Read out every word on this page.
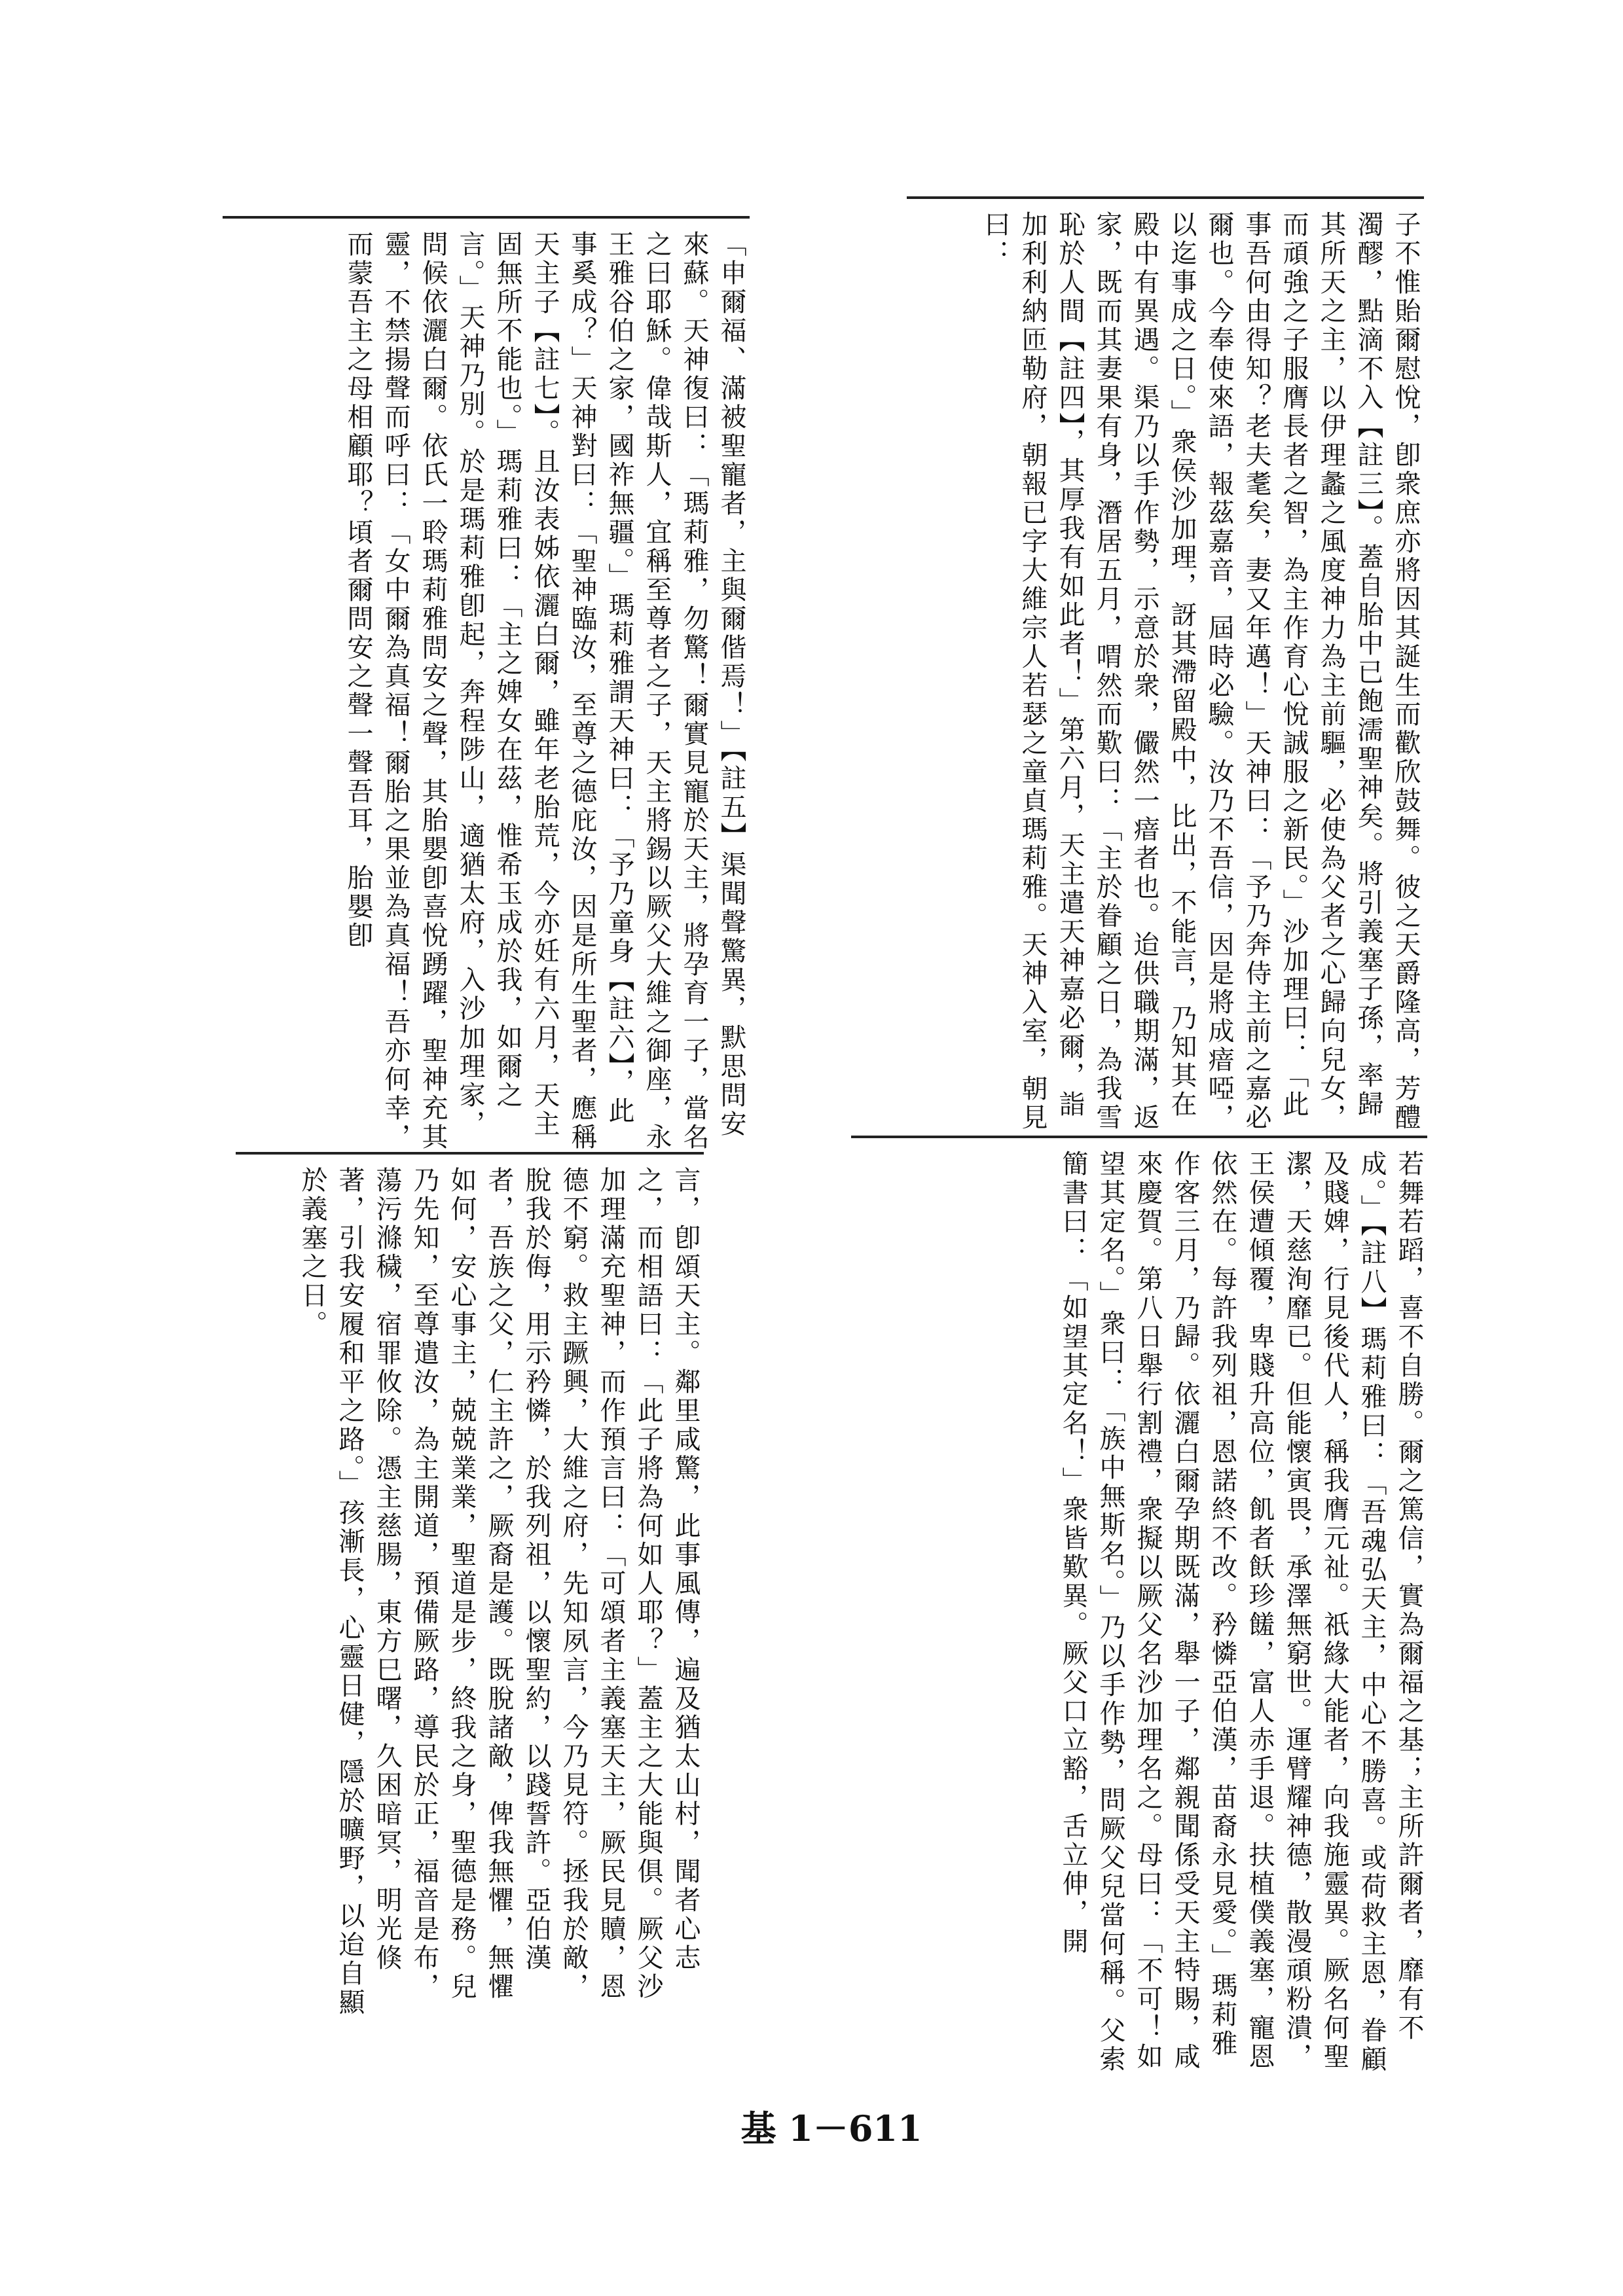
子不惟貽爾慰悅，卽衆庶亦將因其誕生而歡欣鼓舞。彼之天爵隆高，芳醴濁醪，點滴不入【註三】。蓋自胎中已飽濡聖神矣。將引義塞子孫，率歸其所天之主，以伊理蠡之風度神力為主前驅，必使為父者之心歸向兒女，而頑強之子服膺長者之智，為主作育心悅誠服之新民。」沙加理曰：「此事吾何由得知？老夫耄矣，妻又年邁！」天神曰：「予乃奔侍主前之嘉必爾也。今奉使來語，報茲嘉音，屆時必驗。汝乃不吾信，因是將成瘖啞，以迄事成之日。」衆侯沙加理，訝其滯留殿中，比出，不能言，乃知其在殿中有異遇。渠乃以手作勢，示意於衆，儼然一瘖者也。迨供職期滿，返家，既而其妻果有身，潛居五月，喟然而歎曰：「主於眷顧之日，為我雪恥於人間【註四】，其厚我有如此者！」第六月，天主遣天神嘉必爾，詣加利利納匝勒府，朝報已字大維宗人若瑟之童貞瑪莉雅。天神入室，朝見曰：

「申爾福、滿被聖寵者，主與爾偕焉！」【註五】渠聞聲驚異，默思問安來蘇。天神復曰：「瑪莉雅，勿驚！爾實見寵於天主，將孕育一子，當名之曰耶穌。偉哉斯人，宜稱至尊者之子，天主將錫以厥父大維之御座，永王雅谷伯之家，國祚無疆。」瑪莉雅謂天神曰：「予乃童身【註六】，此事奚成？」天神對曰：「聖神臨汝，至尊之德庇汝，因是所生聖者，應稱天主子【註七】。且汝表姊依灑白爾，雖年老胎荒，今亦妊有六月，天主固無所不能也。」瑪莉雅曰：「主之婢女在茲，惟希玉成於我，如爾之言。」天神乃別。於是瑪莉雅卽起，奔程陟山，適猶太府，入沙加理家，問候依灑白爾。依氏一聆瑪莉雅問安之聲，其胎嬰卽喜悅踴躍，聖神充其靈，不禁揚聲而呼曰：「女中爾為真福！爾胎之果並為真福！吾亦何幸，而蒙吾主之母相顧耶？頃者爾問安之聲一聲吾耳，胎嬰卽

若舞若蹈，喜不自勝。爾之篤信，實為爾福之基；主所許爾者，靡有不成。」【註八】瑪莉雅曰：「吾魂弘天主，中心不勝喜。或荷救主恩，眷顧及賤婢，行見後代人，稱我膺元祉。祇緣大能者，向我施靈異。厥名何聖潔，天慈洵靡已。但能懷寅畏，承澤無窮世。運臂耀神德，散漫頑粉潰，王侯遭傾覆，卑賤升高位，飢者飫珍饈，富人赤手退。扶植僕義塞，寵恩依然在。每許我列祖，恩諾終不改。矜憐亞伯漢，苗裔永見愛。」瑪莉雅作客三月，乃歸。依灑白爾孕期既滿，舉一子，鄰親聞係受天主特賜，咸來慶賀。第八日舉行割禮，衆擬以厥父名沙加理名之。母曰：「不可！如望其定名。」衆曰：「族中無斯名。」乃以手作勢，問厥父兒當何稱。父索簡書曰：「如望其定名！」衆皆歎異。厥父口立豁，舌立伸，開

言，卽頌天主。鄰里咸驚，此事風傳，遍及猶太山村，聞者心志之，而相語曰：「此子將為何如人耶？」蓋主之大能與俱。厥父沙加理滿充聖神，而作預言曰：「可頌者主義塞天主，厥民見贖，恩德不窮。救主蹶興，大維之府，先知夙言，今乃見符。拯我於敵，脫我於侮，用示矜憐，於我列祖，以懷聖約，以踐誓許。亞伯漢者，吾族之父，仁主許之，厥裔是護。既脫諸敵，俾我無懼，無懼如何，安心事主，兢兢業業，聖道是步，終我之身，聖德是務。兒乃先知，至尊遣汝，為主開道，預備厥路，導民於正，福音是布，蕩污滌穢，宿罪攸除。憑主慈腸，東方巳曙，久困暗冥，明光倏著，引我安履和平之路。」孩漸長，心靈日健，隱於曠野，以迨自顯於義塞之日。

基 1－611
